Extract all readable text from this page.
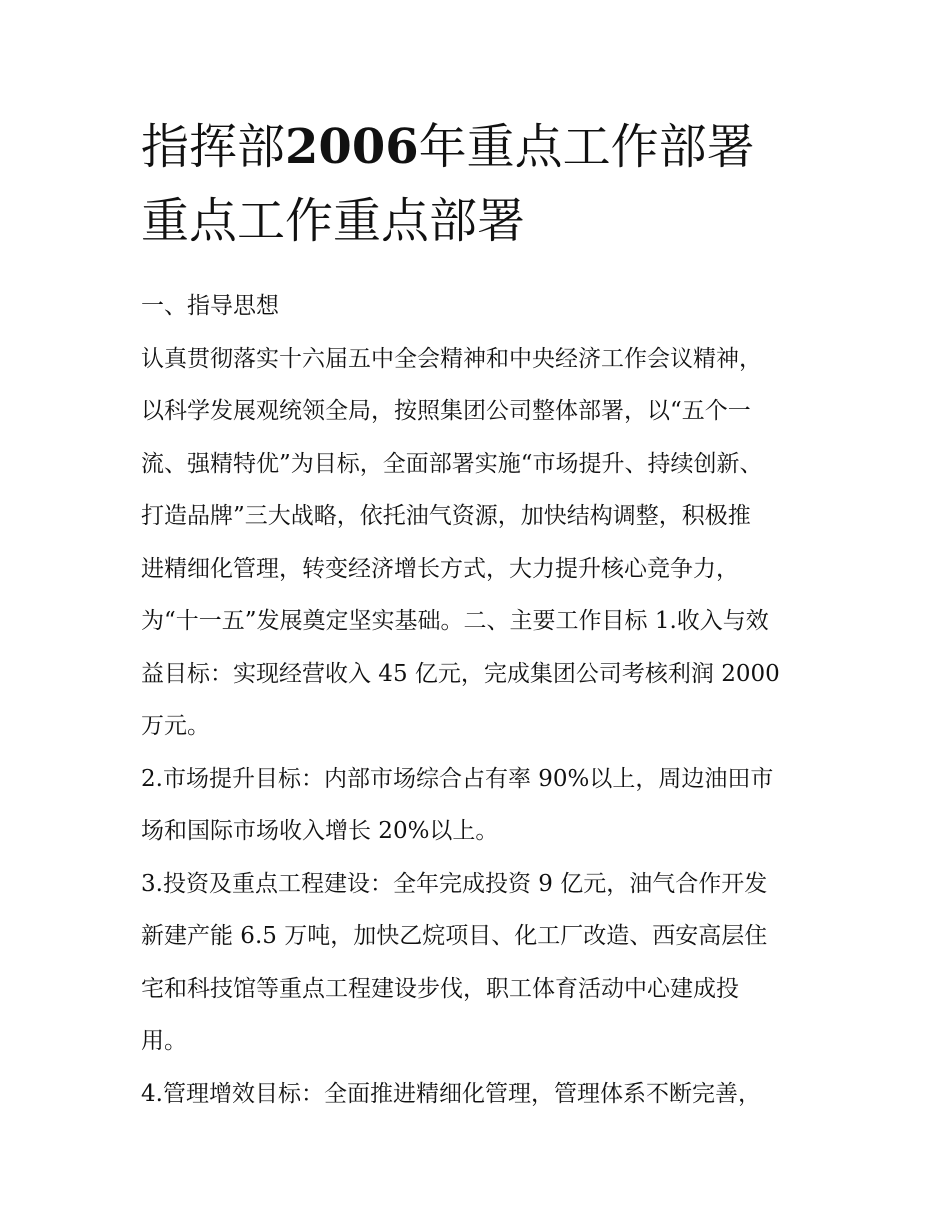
指挥部2006年重点工作部署
重点工作重点部署

一、指导思想

认真贯彻落实十六届五中全会精神和中央经济工作会议精神，
以科学发展观统领全局，按照集团公司整体部署，以“五个一
流、强精特优”为目标，全面部署实施“市场提升、持续创新、
打造品牌”三大战略，依托油气资源，加快结构调整，积极推
进精细化管理，转变经济增长方式，大力提升核心竞争力，
为“十一五”发展奠定坚实基础。二、主要工作目标 1.收入与效
益目标：实现经营收入 45 亿元，完成集团公司考核利润 2000
万元。

2.市场提升目标：内部市场综合占有率 90%以上，周边油田市
场和国际市场收入增长 20%以上。

3.投资及重点工程建设：全年完成投资 9 亿元，油气合作开发
新建产能 6.5 万吨，加快乙烷项目、化工厂改造、西安高层住
宅和科技馆等重点工程建设步伐，职工体育活动中心建成投
用。

4.管理增效目标：全面推进精细化管理，管理体系不断完善，
